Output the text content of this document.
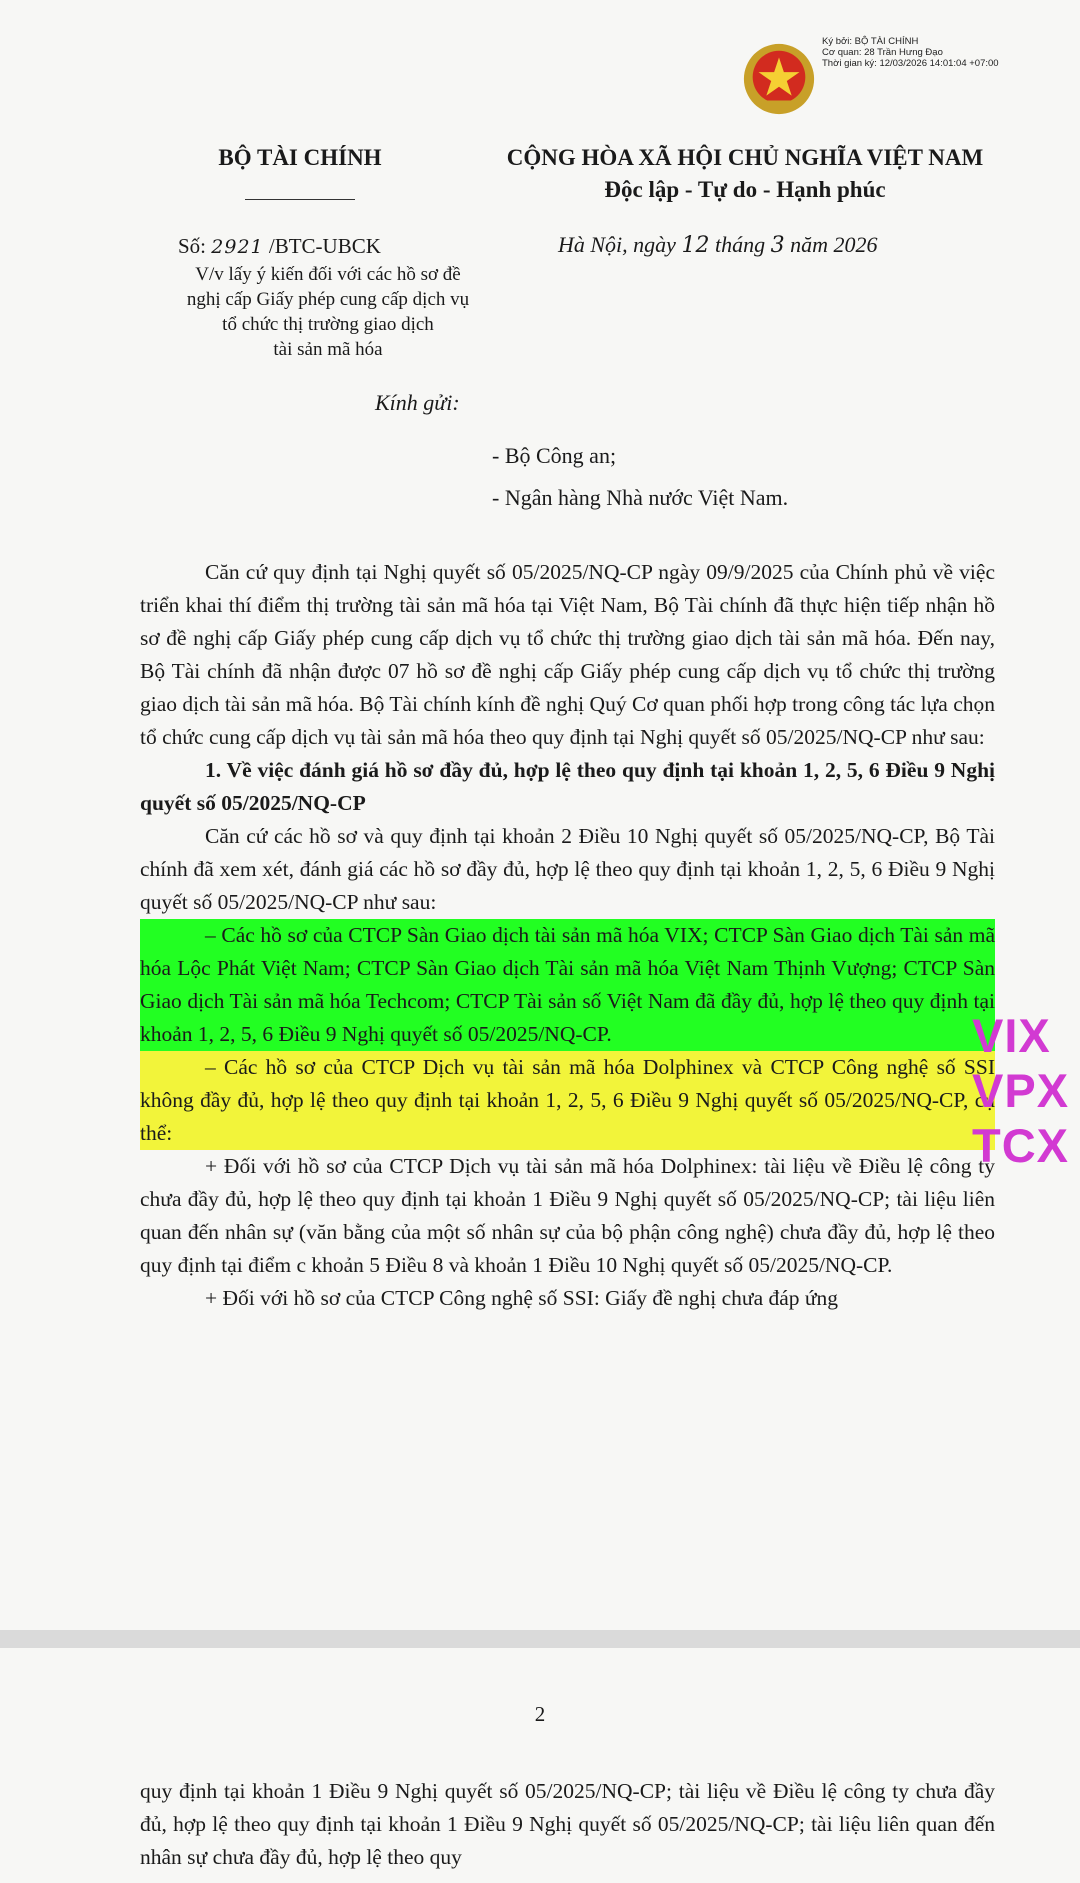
Ký bởi: BỘ TÀI CHÍNH
Cơ quan: 28 Trần Hưng Đạo
Thời gian ký: 12/03/2026 14:01:04 +07:00
BỘ TÀI CHÍNH	CỘNG HÒA XÃ HỘI CHỦ NGHĨA VIỆT NAM
Độc lập - Tự do - Hạnh phúc
Số: 2921 /BTC-UBCK
V/v lấy ý kiến đối với các hồ sơ đề
nghị cấp Giấy phép cung cấp dịch vụ
tổ chức thị trường giao dịch
tài sản mã hóa
Hà Nội, ngày 12 tháng 3 năm 2026
Kính gửi:
- Bộ Công an;
- Ngân hàng Nhà nước Việt Nam.

Căn cứ quy định tại Nghị quyết số 05/2025/NQ-CP ngày 09/9/2025 của Chính phủ về việc triển khai thí điểm thị trường tài sản mã hóa tại Việt Nam, Bộ Tài chính đã thực hiện tiếp nhận hồ sơ đề nghị cấp Giấy phép cung cấp dịch vụ tổ chức thị trường giao dịch tài sản mã hóa. Đến nay, Bộ Tài chính đã nhận được 07 hồ sơ đề nghị cấp Giấy phép cung cấp dịch vụ tổ chức thị trường giao dịch tài sản mã hóa. Bộ Tài chính kính đề nghị Quý Cơ quan phối hợp trong công tác lựa chọn tổ chức cung cấp dịch vụ tài sản mã hóa theo quy định tại Nghị quyết số 05/2025/NQ-CP như sau:

1. Về việc đánh giá hồ sơ đầy đủ, hợp lệ theo quy định tại khoản 1, 2, 5, 6 Điều 9 Nghị quyết số 05/2025/NQ-CP

Căn cứ các hồ sơ và quy định tại khoản 2 Điều 10 Nghị quyết số 05/2025/NQ-CP, Bộ Tài chính đã xem xét, đánh giá các hồ sơ đầy đủ, hợp lệ theo quy định tại khoản 1, 2, 5, 6 Điều 9 Nghị quyết số 05/2025/NQ-CP như sau:

– Các hồ sơ của CTCP Sàn Giao dịch tài sản mã hóa VIX; CTCP Sàn Giao dịch Tài sản mã hóa Lộc Phát Việt Nam; CTCP Sàn Giao dịch Tài sản mã hóa Việt Nam Thịnh Vượng; CTCP Sàn Giao dịch Tài sản mã hóa Techcom; CTCP Tài sản số Việt Nam đã đầy đủ, hợp lệ theo quy định tại khoản 1, 2, 5, 6 Điều 9 Nghị quyết số 05/2025/NQ-CP.

– Các hồ sơ của CTCP Dịch vụ tài sản mã hóa Dolphinex và CTCP Công nghệ số SSI không đầy đủ, hợp lệ theo quy định tại khoản 1, 2, 5, 6 Điều 9 Nghị quyết số 05/2025/NQ-CP, cụ thể:

+ Đối với hồ sơ của CTCP Dịch vụ tài sản mã hóa Dolphinex: tài liệu về Điều lệ công ty chưa đầy đủ, hợp lệ theo quy định tại khoản 1 Điều 9 Nghị quyết số 05/2025/NQ-CP; tài liệu liên quan đến nhân sự (văn bằng của một số nhân sự của bộ phận công nghệ) chưa đầy đủ, hợp lệ theo quy định tại điểm c khoản 5 Điều 8 và khoản 1 Điều 10 Nghị quyết số 05/2025/NQ-CP.

+ Đối với hồ sơ của CTCP Công nghệ số SSI: Giấy đề nghị chưa đáp ứng

VIX
VPX
TCX
2

quy định tại khoản 1 Điều 9 Nghị quyết số 05/2025/NQ-CP; tài liệu về Điều lệ công ty chưa đầy đủ, hợp lệ theo quy định tại khoản 1 Điều 9 Nghị quyết số 05/2025/NQ-CP; tài liệu liên quan đến nhân sự chưa đầy đủ, hợp lệ theo quy
